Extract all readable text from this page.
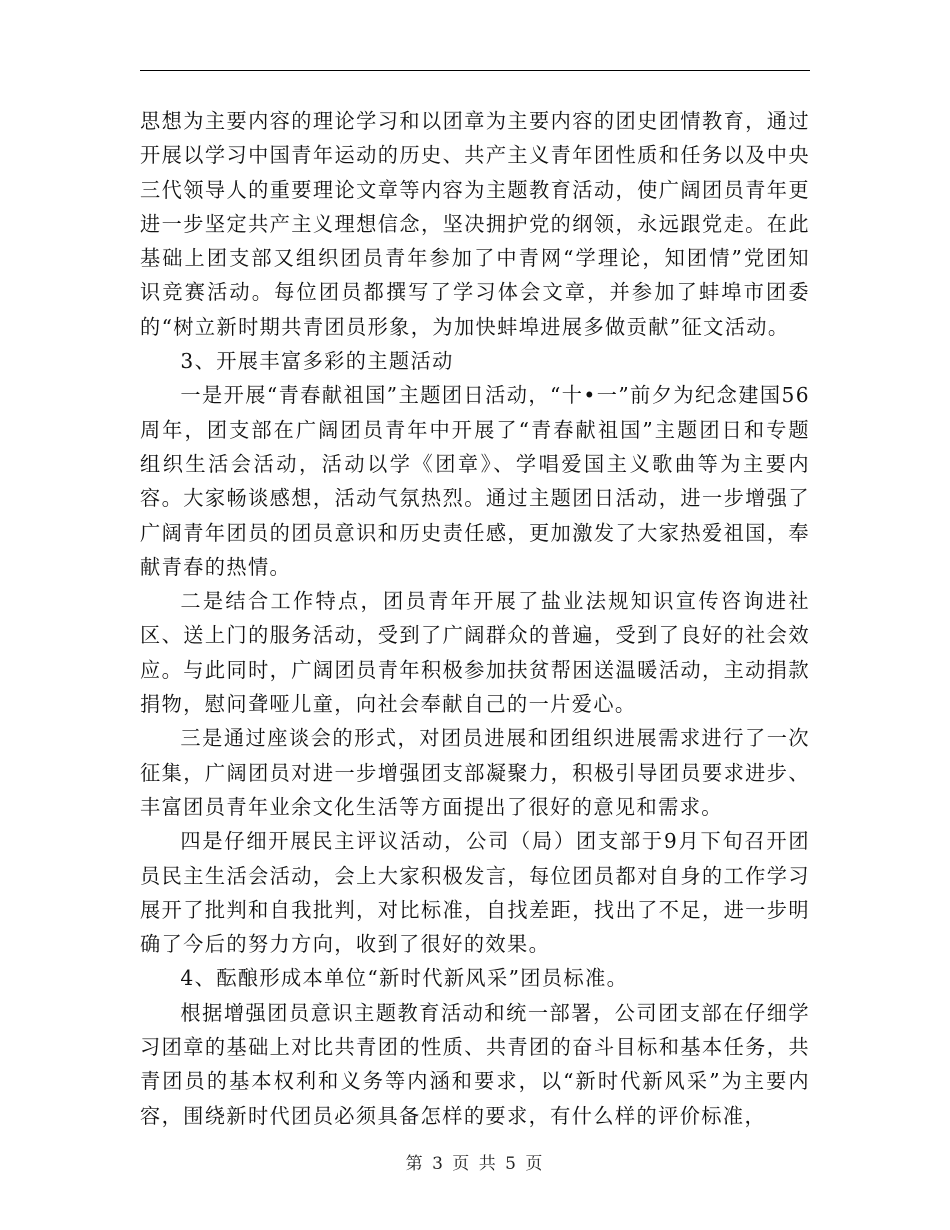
思想为主要内容的理论学习和以团章为主要内容的团史团情教育，通过开展以学习中国青年运动的历史、共产主义青年团性质和任务以及中央三代领导人的重要理论文章等内容为主题教育活动，使广阔团员青年更进一步坚定共产主义理想信念，坚决拥护党的纲领，永远跟党走。在此基础上团支部又组织团员青年参加了中青网“学理论，知团情”党团知识竞赛活动。每位团员都撰写了学习体会文章，并参加了蚌埠市团委的“树立新时期共青团员形象，为加快蚌埠进展多做贡献”征文活动。

3、开展丰富多彩的主题活动

一是开展“青春献祖国”主题团日活动，“十•一”前夕为纪念建国56周年，团支部在广阔团员青年中开展了“青春献祖国”主题团日和专题组织生活会活动，活动以学《团章》、学唱爱国主义歌曲等为主要内容。大家畅谈感想，活动气氛热烈。通过主题团日活动，进一步增强了广阔青年团员的团员意识和历史责任感，更加激发了大家热爱祖国，奉献青春的热情。

二是结合工作特点，团员青年开展了盐业法规知识宣传咨询进社区、送上门的服务活动，受到了广阔群众的普遍，受到了良好的社会效应。与此同时，广阔团员青年积极参加扶贫帮困送温暖活动，主动捐款捐物，慰问聋哑儿童，向社会奉献自己的一片爱心。

三是通过座谈会的形式，对团员进展和团组织进展需求进行了一次征集，广阔团员对进一步增强团支部凝聚力，积极引导团员要求进步、丰富团员青年业余文化生活等方面提出了很好的意见和需求。

四是仔细开展民主评议活动，公司（局）团支部于9月下旬召开团员民主生活会活动，会上大家积极发言，每位团员都对自身的工作学习展开了批判和自我批判，对比标准，自找差距，找出了不足，进一步明确了今后的努力方向，收到了很好的效果。

4、酝酿形成本单位“新时代新风采”团员标准。

根据增强团员意识主题教育活动和统一部署，公司团支部在仔细学习团章的基础上对比共青团的性质、共青团的奋斗目标和基本任务，共青团员的基本权利和义务等内涵和要求，以“新时代新风采”为主要内容，围绕新时代团员必须具备怎样的要求，有什么样的评价标准，

第 3 页 共 5 页
